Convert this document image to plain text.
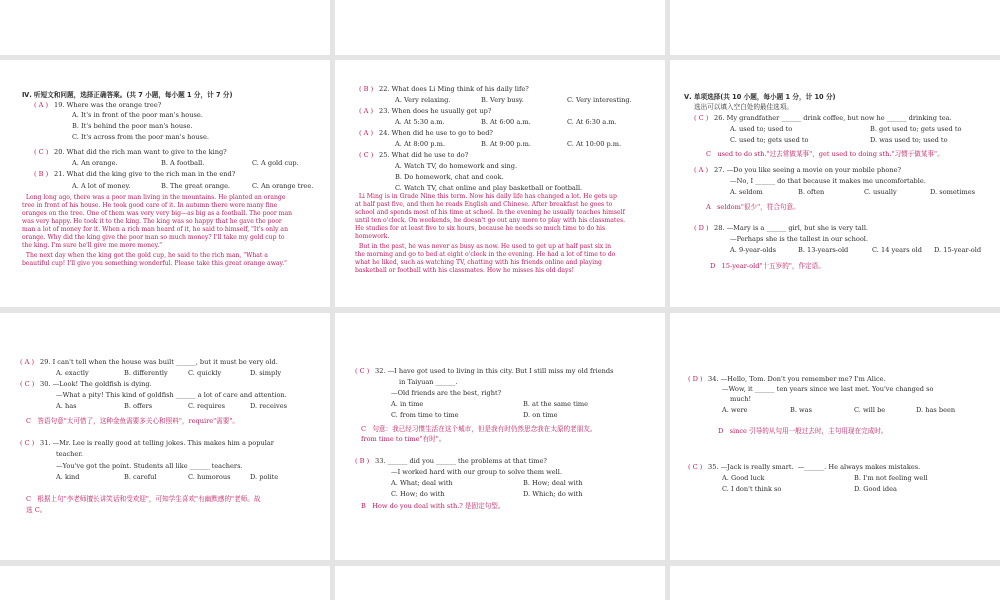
Ⅳ. 听短文和问题，选择正确答案。(共 7 小题，每小题 1 分，计 7 分)
( A ) 19. Where was the orange tree?
A. It's in front of the poor man's house.
B. It's behind the poor man's house.
C. It's across from the poor man's house.
( C ) 20. What did the rich man want to give to the king?
A. An orange.	B. A football.	C. A gold cup.
( B ) 21. What did the king give to the rich man in the end?
A. A lot of money.	B. The great orange.	C. An orange tree.
Long long ago, there was a poor man living in the mountains. He planted an orange
tree in front of his house. He took good care of it. In autumn there were many fine
oranges on the tree. One of them was very very big—as big as a football. The poor man
was very happy. He took it to the king. The king was so happy that he gave the poor
man a lot of money for it. When a rich man heard of it, he said to himself, "It's only an
orange. Why did the king give the poor man so much money? I'll take my gold cup to
the king. I'm sure he'll give me more money."
The next day when the king got the gold cup, he said to the rich man, "What a
beautiful cup! I'll give you something wonderful. Please take this great orange away."
( B ) 22. What does Li Ming think of his daily life?
A. Very relaxing.	B. Very busy.	C. Very interesting.
( A ) 23. When does he usually get up?
A. At 5:30 a.m.	B. At 6:00 a.m.	C. At 6:30 a.m.
( A ) 24. When did he use to go to bed?
A. At 8:00 p.m.	B. At 9:00 p.m.	C. At 10:00 p.m.
( C ) 25. What did he use to do?
A. Watch TV, do homework and sing.
B. Do homework, chat and cook.
C. Watch TV, chat online and play basketball or football.
Li Ming is in Grade Nine this term. Now his daily life has changed a lot. He gets up
at half past five, and then he reads English and Chinese. After breakfast he goes to
school and spends most of his time at school. In the evening he usually teaches himself
until ten o'clock. On weekends, he doesn't go out any more to play with his classmates.
He studies for at least five to six hours, because he needs so much time to do his
homework.
But in the past, he was never as busy as now. He used to get up at half past six in
the morning and go to bed at eight o'clock in the evening. He had a lot of time to do
what he liked, such as watching TV, chatting with his friends online and playing
basketball or football with his classmates. How he misses his old days!
Ⅴ. 单项选择(共 10 小题，每小题 1 分，计 10 分)
选出可以填入空白处的最佳选项。
( C ) 26. My grandfather ______ drink coffee, but now he ______ drinking tea.
A. used to; used to	B. got used to; gets used to
C. used to; gets used to	D. was used to; used to
C   used to do sth."过去常做某事"，get used to doing sth."习惯于做某事"。
( A ) 27. —Do you like seeing a movie on your mobile phone?
—No, I ______ do that because it makes me uncomfortable.
A. seldom	B. often	C. usually	D. sometimes
A   seldom"很少"，符合句意。
( D ) 28. —Mary is a ______ girl, but she is very tall.
—Perhaps she is the tallest in our school.
A. 9-year-olds	B. 13-years-old	C. 14 years old D. 15-year-old
D   15-year-old"十五岁的"，作定语。
( A ) 29. I can't tell when the house was built ______, but it must be very old.
A. exactly	B. differently	C. quickly	D. simply
( C ) 30. —Look! The goldfish is dying.
—What a pity! This kind of goldfish ______ a lot of care and attention.
A. has	B. offers	C. requires	D. receives
C   答语句意"太可惜了，这种金鱼需要多关心和照料"，require"需要"。
( C ) 31. —Mr. Lee is really good at telling jokes. This makes him a popular
teacher.
—You've got the point. Students all like ______ teachers.
A. kind	B. careful	C. humorous	D. polite
C   根据上句"李老师擅长讲笑话和受欢迎"，可知学生喜欢"有幽默感的"老师。故
选 C。
( C ) 32. —I have got used to living in this city. But I still miss my old friends
in Taiyuan ______.
—Old friends are the best, right?
A. in time	B. at the same time
C. from time to time	D. on time
C   句意：我已经习惯生活在这个城市，但是我有时仍然思念我在太原的老朋友。
from time to time"有时"。
( B ) 33. ______ did you ______ the problems at that time?
—I worked hard with our group to solve them well.
A. What; deal with	B. How; deal with
C. How; do with	D. Which; do with
B   How do you deal with sth.? 是固定句型。
( D ) 34. —Hello, Tom. Don't you remember me? I'm Alice.
—Wow, it ______ ten years since we last met. You've changed so
much!
A. were	B. was	C. will be	D. has been
D   since 引导的从句用一般过去时，主句用现在完成时。
( C ) 35. —Jack is really smart.  —______. He always makes mistakes.
A. Good luck	B. I'm not feeling well
C. I don't think so	D. Good idea
